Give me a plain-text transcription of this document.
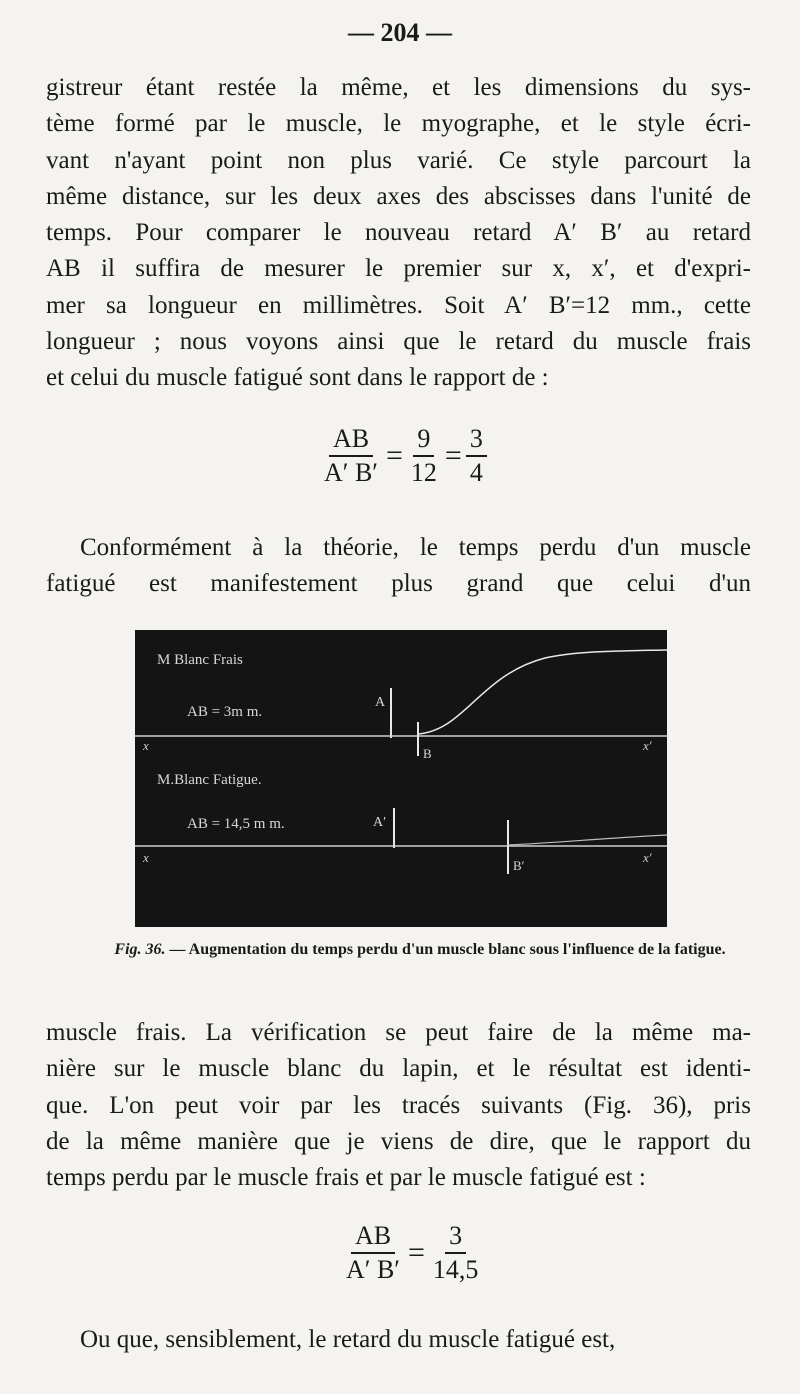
— 204 —
gistreur étant restée la même, et les dimensions du sys-
tème formé par le muscle, le myographe, et le style écri-
vant n'ayant point non plus varié. Ce style parcourt la
même distance, sur les deux axes des abscisses dans l'unité de
temps. Pour comparer le nouveau retard A′ B′ au retard
AB il suffira de mesurer le premier sur x, x′, et d'expri-
mer sa longueur en millimètres. Soit A′ B′=12 mm., cette
longueur ; nous voyons ainsi que le retard du muscle frais
et celui du muscle fatigué sont dans le rapport de :
$\frac{AB}{A' B'} = \frac{9}{12} = \frac{3}{4}$
Conformément à la théorie, le temps perdu d'un muscle
fatigué est manifestement plus grand que celui d'un
M Blanc Frais
AB = 3m m.
A
B
x	x′
M.Blanc Fatigue.
AB = 14,5 m m.	A′
B′
x	x′
Fig. 36. — Augmentation du temps perdu d'un muscle blanc sous l'influence de la fatigue.
muscle frais. La vérification se peut faire de la même ma-
nière sur le muscle blanc du lapin, et le résultat est identi-
que. L'on peut voir par les tracés suivants (Fig. 36), pris
de la même manière que je viens de dire, que le rapport du
temps perdu par le muscle frais et par le muscle fatigué est :
$\frac{AB}{A' B'} = \frac{3}{14,5}$
Ou que, sensiblement, le retard du muscle fatigué est,
